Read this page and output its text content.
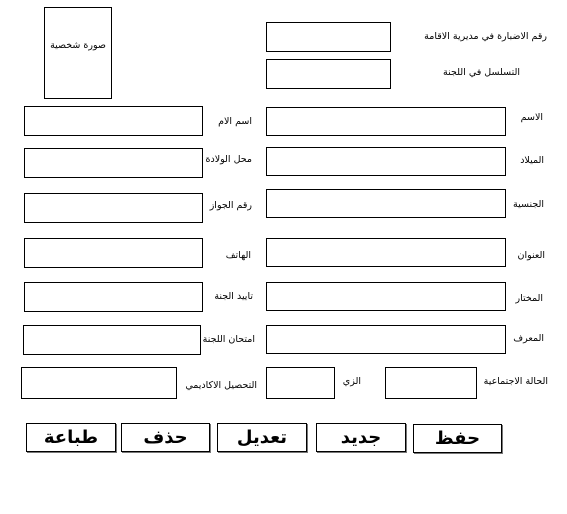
صورة شخصية
رقم الاضبارة في مديرية الاقامة
التسلسل في اللجنة
الاسم
اسم الام
الميلاد
محل الولادة
الجنسية
رقم الجواز
العنوان
الهاتف
المختار
تاييد الجنة
المعرف
امتحان اللجنة
الحالة الاجتماعية
الزي
التحصيل الاكاديمي
حفظ
جديد
تعديل
حذف
طباعة
